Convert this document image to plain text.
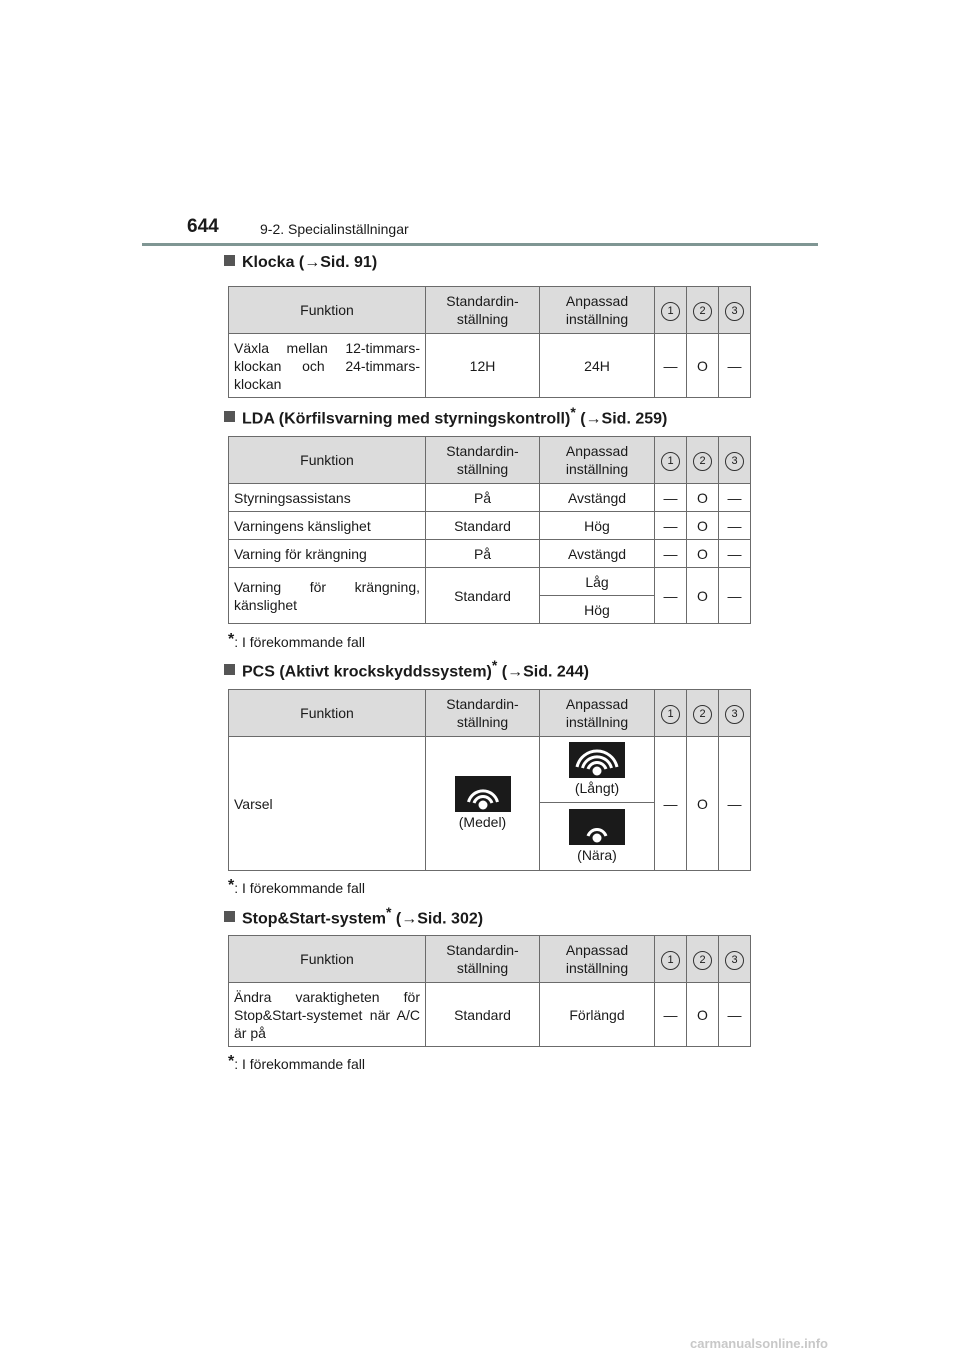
644	9-2. Specialinställningar
Klocka (→Sid. 91)
Funktion	Standardin-ställning	Anpassad inställning	1	2	3
Växla mellan 12-timmars-klockan och 24-timmars-klockan	12H	24H	—	O	—
LDA (Körfilsvarning med styrningskontroll)* (→Sid. 259)
Funktion	Standardin-ställning	Anpassad inställning	1	2	3
Styrningsassistans	På	Avstängd	—	O	—
Varningens känslighet	Standard	Hög	—	O	—
Varning för krängning	På	Avstängd	—	O	—
Varning för krängning, känslighet	Standard	Låg	—	O	—
		Hög			
*: I förekommande fall
PCS (Aktivt krockskyddssystem)* (→Sid. 244)
Funktion	Standardin-ställning	Anpassad inställning	1	2	3
Varsel	(Medel)	(Långt)	—	O	—

		(Nära)			
*: I förekommande fall
Stop&Start-system* (→Sid. 302)
Funktion	Standardin-ställning	Anpassad inställning	1	2	3
Ändra varaktigheten för Stop&Start-systemet när A/C är på	Standard	Förlängd	—	O	—
*: I förekommande fall
carmanualsonline.info
